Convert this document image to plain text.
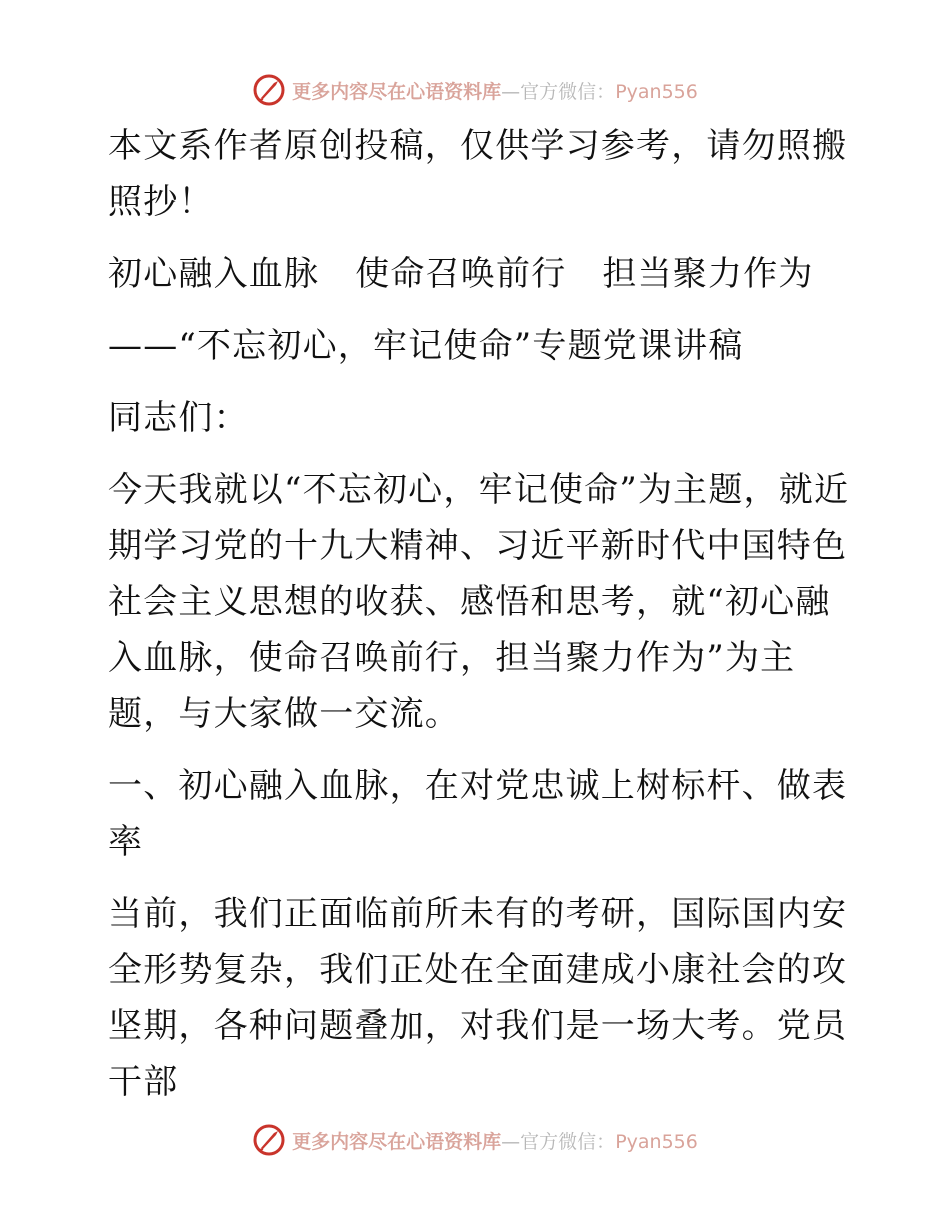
更多内容尽在心语资料库—官方微信：Pyan556

本文系作者原创投稿，仅供学习参考，请勿照搬照抄！

初心融入血脉 使命召唤前行 担当聚力作为

——“不忘初心，牢记使命”专题党课讲稿

同志们：

今天我就以“不忘初心，牢记使命”为主题，就近期学习党的十九大精神、习近平新时代中国特色社会主义思想的收获、感悟和思考，就“初心融入血脉，使命召唤前行，担当聚力作为”为主题，与大家做一交流。

一、初心融入血脉，在对党忠诚上树标杆、做表率

当前，我们正面临前所未有的考研，国际国内安全形势复杂，我们正处在全面建成小康社会的攻坚期，各种问题叠加，对我们是一场大考。党员干部

更多内容尽在心语资料库—官方微信：Pyan556
